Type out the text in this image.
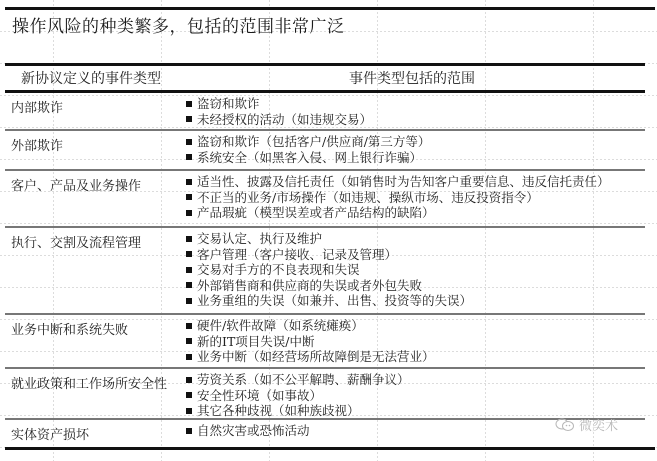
操作风险的种类繁多，包括的范围非常广泛
新协议定义的事件类型	事件类型包括的范围
内部欺诈	盗窃和欺诈
未经授权的活动（如违规交易）
外部欺诈	盗窃和欺诈（包括客户/供应商/第三方等）
系统安全（如黑客入侵、网上银行诈骗）
客户、产品及业务操作	适当性、披露及信托责任（如销售时为告知客户重要信息、违反信托责任）
不正当的业务/市场操作（如违规、操纵市场、违反投资指令）
产品瑕疵（模型误差或者产品结构的缺陷）
执行、交割及流程管理	交易认定、执行及维护
客户管理（客户接收、记录及管理）
交易对手方的不良表现和失误
外部销售商和供应商的失误或者外包失败
业务重组的失误（如兼并、出售、投资等的失误）
业务中断和系统失败	硬件/软件故障（如系统瘫痪）
新的IT项目失误/中断
业务中断（如经营场所故障倒是无法营业）
就业政策和工作场所安全性 劳资关系（如不公平解聘、薪酬争议）
安全性环境（如事故）
其它各种歧视（如种族歧视）
实体资产损坏	自然灾害或恐怖活动	微奕术
